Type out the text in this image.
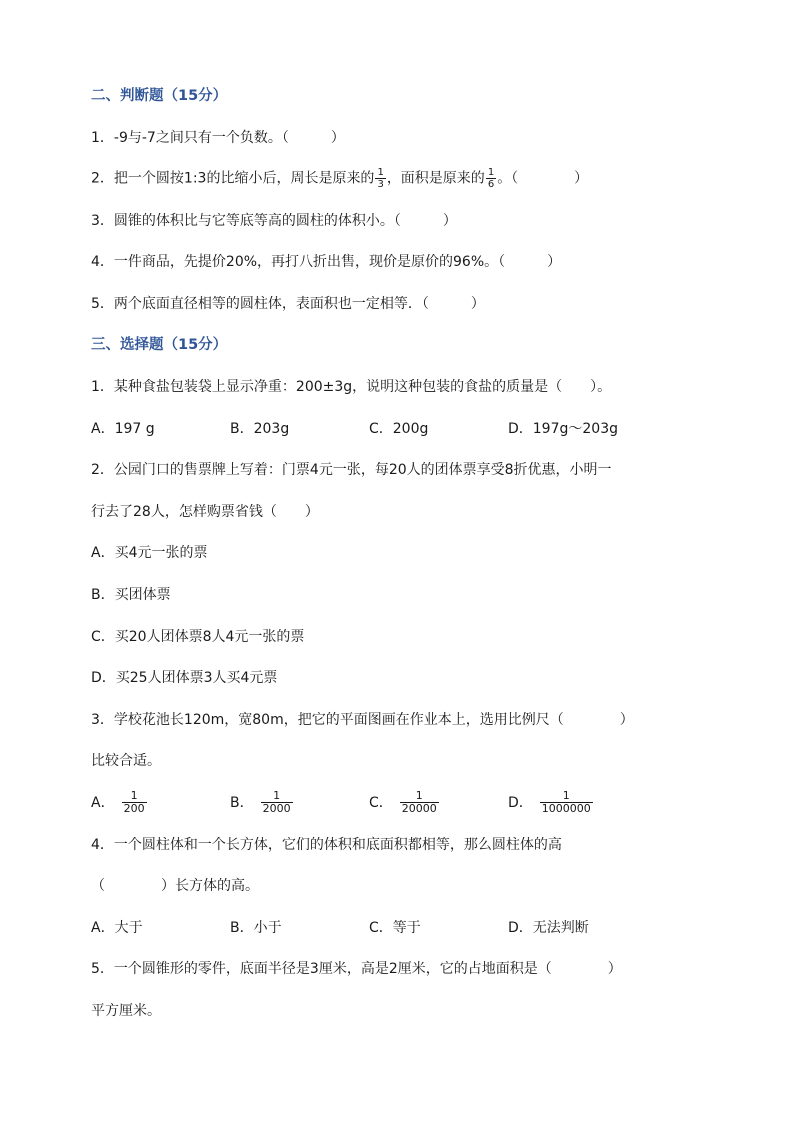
二、判断题（15分）
1．-9与-7之间只有一个负数。（　　　）
2．把一个圆按1:3的比缩小后，周长是原来的 $\frac{1}{3}$ ，面积是原来的 $\frac{1}{6}$ 。（　　　　）
3．圆锥的体积比与它等底等高的圆柱的体积小。（　　　）
4．一件商品，先提价20%，再打八折出售，现价是原价的96%。（　　　）
5．两个底面直径相等的圆柱体，表面积也一定相等．（　　　）
三、选择题（15分）
1．某种食盐包装袋上显示净重：200±3g，说明这种包装的食盐的质量是（　　）。
A．197 g	B．203g	C．200g	D．197g～203g
2．公园门口的售票牌上写着：门票4元一张，每20人的团体票享受8折优惠，小明一
行去了28人，怎样购票省钱（　　）
A．买4元一张的票
B．买团体票
C．买20人团体票8人4元一张的票
D．买25人团体票3人买4元票
3．学校花池长120m，宽80m，把它的平面图画在作业本上，选用比例尺（　　　　）
比较合适。
A． $\frac{1}{200}$	B． $\frac{1}{2000}$	C． $\frac{1}{20000}$	D． $\frac{1}{1000000}$
4．一个圆柱体和一个长方体，它们的体积和底面积都相等，那么圆柱体的高
（　　　　）长方体的高。
A．大于	B．小于	C．等于	D．无法判断
5．一个圆锥形的零件，底面半径是3厘米，高是2厘米，它的占地面积是（　　　　）
平方厘米。
